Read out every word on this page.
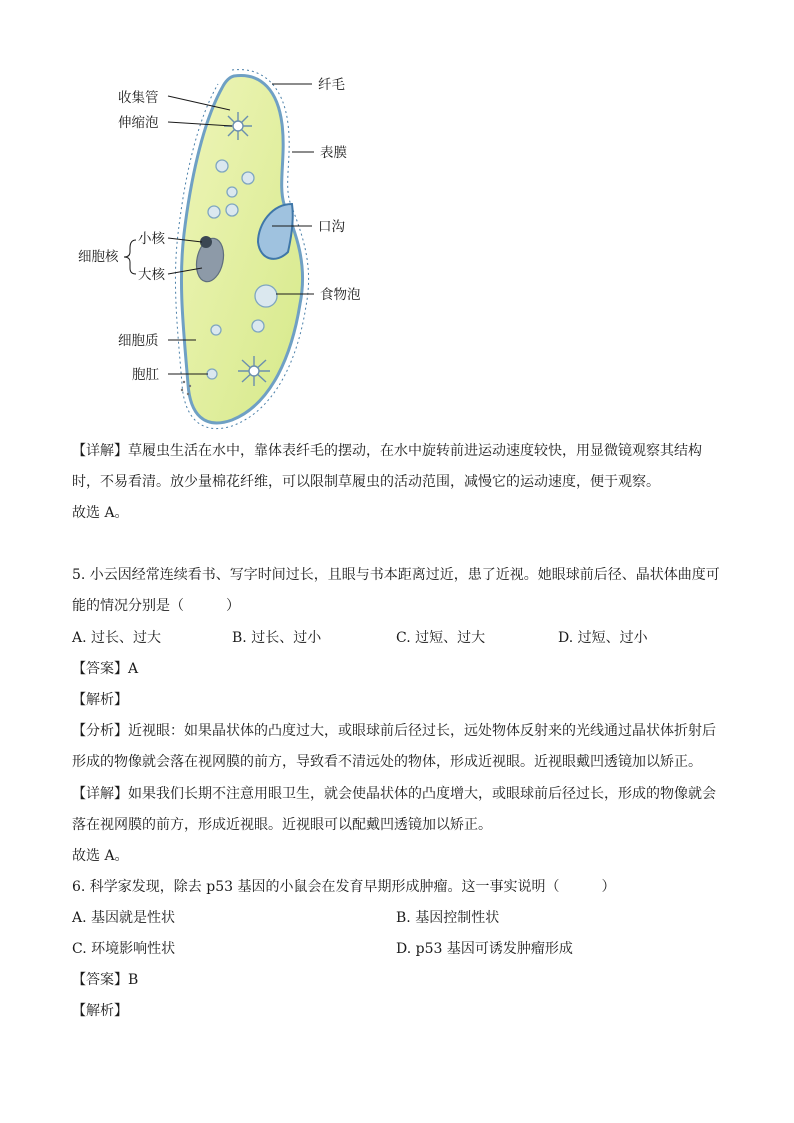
纤毛
收集管
伸缩泡
表膜
口沟
小核
细胞核
大核
食物泡
细胞质
胞肛
【详解】草履虫生活在水中，靠体表纤毛的摆动，在水中旋转前进运动速度较快，用显微镜观察其结构
时，不易看清。放少量棉花纤维，可以限制草履虫的活动范围，减慢它的运动速度，便于观察。
故选 A。
5. 小云因经常连续看书、写字时间过长，且眼与书本距离过近，患了近视。她眼球前后径、晶状体曲度可
能的情况分别是（　　　）
A. 过长、过大	B. 过长、过小	C. 过短、过大	D. 过短、过小
【答案】A
【解析】
【分析】近视眼：如果晶状体的凸度过大，或眼球前后径过长，远处物体反射来的光线通过晶状体折射后
形成的物像就会落在视网膜的前方，导致看不清远处的物体，形成近视眼。近视眼戴凹透镜加以矫正。
【详解】如果我们长期不注意用眼卫生，就会使晶状体的凸度增大，或眼球前后径过长，形成的物像就会
落在视网膜的前方，形成近视眼。近视眼可以配戴凹透镜加以矫正。
故选 A。
6. 科学家发现，除去 p53 基因的小鼠会在发育早期形成肿瘤。这一事实说明（　　　）
A. 基因就是性状	B. 基因控制性状
C. 环境影响性状	D. p53 基因可诱发肿瘤形成
【答案】B
【解析】
